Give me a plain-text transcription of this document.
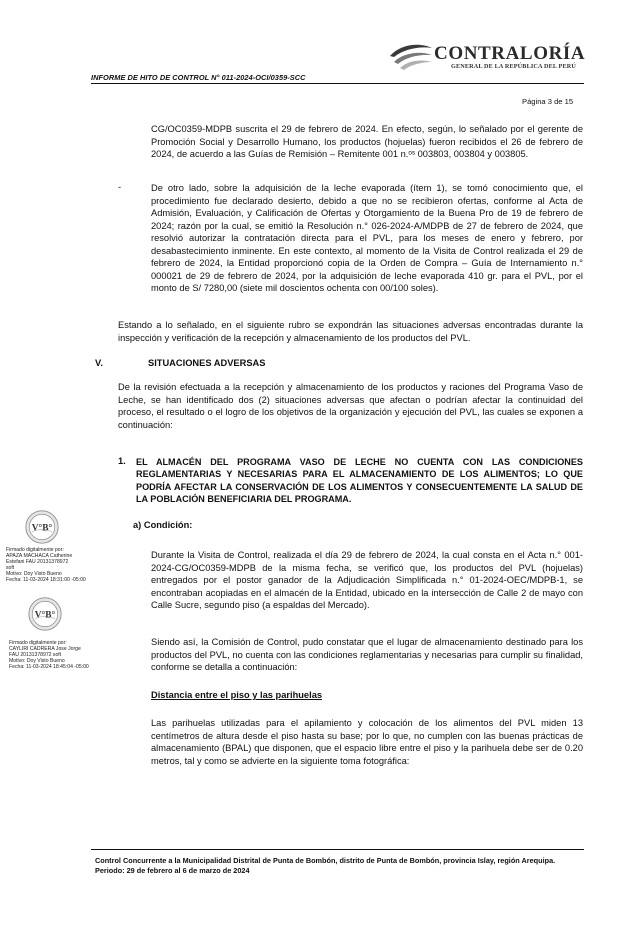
INFORME DE HITO DE CONTROL N° 011-2024-OCI/0359-SCC
CONTRALORÍA
GENERAL DE LA REPÚBLICA DEL PERÚ
Página 3 de 15

CG/OC0359-MDPB suscrita el 29 de febrero de 2024. En efecto, según, lo señalado por el gerente de Promoción Social y Desarrollo Humano, los productos (hojuelas) fueron recibidos el 26 de febrero de 2024, de acuerdo a las Guías de Remisión – Remitente 001 n.ᵒˢ 003803, 003804 y 003805.

-	De otro lado, sobre la adquisición de la leche evaporada (ítem 1), se tomó conocimiento que, el procedimiento fue declarado desierto, debido a que no se recibieron ofertas, conforme al Acta de Admisión, Evaluación, y Calificación de Ofertas y Otorgamiento de la Buena Pro de 19 de febrero de 2024; razón por la cual, se emitió la Resolución n.° 026-2024-A/MDPB de 27 de febrero de 2024, que resolvió autorizar la contratación directa para el PVL, para los meses de enero y febrero, por desabastecimiento inminente. En este contexto, al momento de la Visita de Control realizada el 29 de febrero de 2024, la Entidad proporcionó copia de la Orden de Compra – Guía de Internamiento n.° 000021 de 29 de febrero de 2024, por la adquisición de leche evaporada 410 gr. para el PVL, por el monto de S/ 7280,00 (siete mil doscientos ochenta con 00/100 soles).

Estando a lo señalado, en el siguiente rubro se expondrán las situaciones adversas encontradas durante la inspección y verificación de la recepción y almacenamiento de los productos del PVL.

V.	SITUACIONES ADVERSAS

De la revisión efectuada a la recepción y almacenamiento de los productos y raciones del Programa Vaso de Leche, se han identificado dos (2) situaciones adversas que afectan o podrían afectar la continuidad del proceso, el resultado o el logro de los objetivos de la organización y ejecución del PVL, las cuales se exponen a continuación:

1. EL ALMACÉN DEL PROGRAMA VASO DE LECHE NO CUENTA CON LAS CONDICIONES REGLAMENTARIAS Y NECESARIAS PARA EL ALMACENAMIENTO DE LOS ALIMENTOS; LO QUE PODRÍA AFECTAR LA CONSERVACIÓN DE LOS ALIMENTOS Y CONSECUENTEMENTE LA SALUD DE LA POBLACIÓN BENEFICIARIA DEL PROGRAMA.

a) Condición:

Durante la Visita de Control, realizada el día 29 de febrero de 2024, la cual consta en el Acta n.° 001-2024-CG/OC0359-MDPB de la misma fecha, se verificó que, los productos del PVL (hojuelas) entregados por el postor ganador de la Adjudicación Simplificada n.° 01-2024-OEC/MDPB-1, se encontraban acopiadas en el almacén de la Entidad, ubicado en la intersección de Calle 2 de mayo con Calle Sucre, segundo piso (a espaldas del Mercado).

Siendo así, la Comisión de Control, pudo constatar que el lugar de almacenamiento destinado para los productos del PVL, no cuenta con las condiciones reglamentarias y necesarias para cumplir su finalidad, conforme se detalla a continuación:

Distancia entre el piso y las parihuelas

Las parihuelas utilizadas para el apilamiento y colocación de los alimentos del PVL miden 13 centímetros de altura desde el piso hasta su base; por lo que, no cumplen con las buenas prácticas de almacenamiento (BPAL) que disponen, que el espacio libre entre el piso y la parihuela debe ser de 0.20 metros, tal y como se advierte en la siguiente toma fotográfica:

V°B°
Firmado digitalmente por:
APAZA MACHACA Catherine
Estefani FAU 20131378972
soft
Motivo: Doy Visto Bueno
Fecha: 11-03-2024 18:31:00 -05:00
V°B°
Firmado digitalmente por:
CAYLIRI CADRERA Jose Jorge
FAU 20131378972 soft
Motivo: Doy Visto Bueno
Fecha: 11-03-2024 18:45:04 -05:00
Control Concurrente a la Municipalidad Distrital de Punta de Bombón, distrito de Punta de Bombón, provincia Islay, región Arequipa.
Periodo: 29 de febrero al 6 de marzo de 2024
